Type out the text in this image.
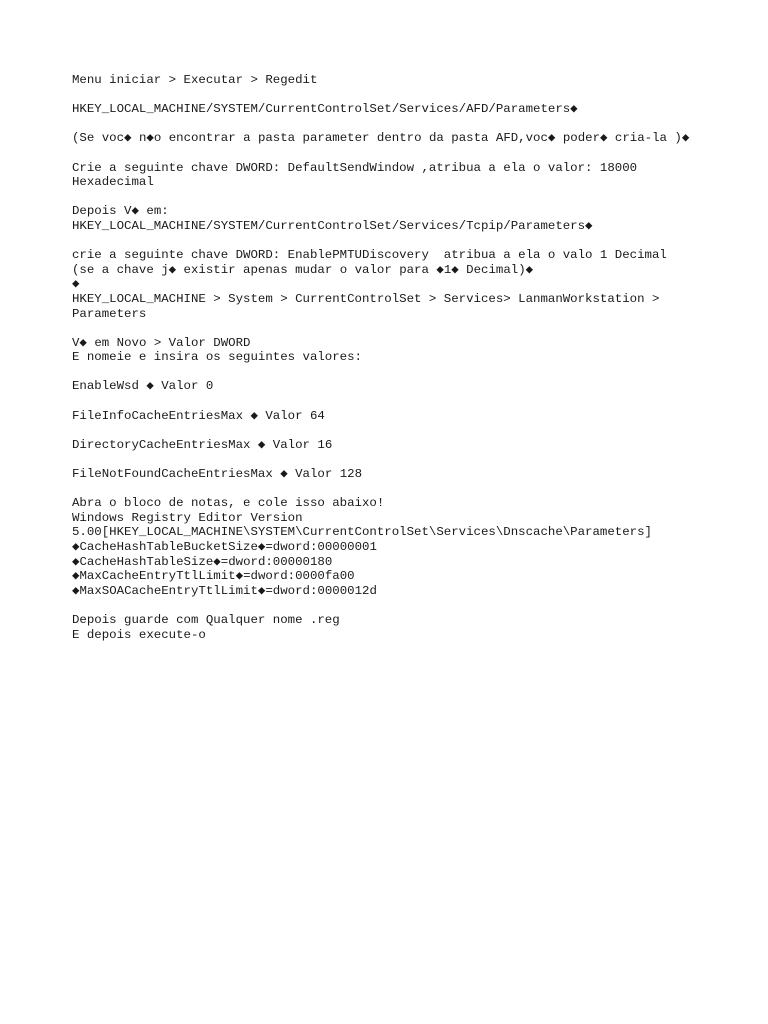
Menu iniciar > Executar > Regedit
HKEY_LOCAL_MACHINE/SYSTEM/CurrentControlSet/Services/AFD/Parameters◆
(Se voc◆ n◆o encontrar a pasta parameter dentro da pasta AFD,voc◆ poder◆ cria-la )◆
Crie a seguinte chave DWORD: DefaultSendWindow ,atribua a ela o valor: 18000
Hexadecimal
Depois V◆ em:
HKEY_LOCAL_MACHINE/SYSTEM/CurrentControlSet/Services/Tcpip/Parameters◆
crie a seguinte chave DWORD: EnablePMTUDiscovery  atribua a ela o valo 1 Decimal
(se a chave j◆ existir apenas mudar o valor para ◆1◆ Decimal)◆
◆
HKEY_LOCAL_MACHINE > System > CurrentControlSet > Services> LanmanWorkstation >
Parameters
V◆ em Novo > Valor DWORD
E nomeie e insira os seguintes valores:
EnableWsd ◆ Valor 0
FileInfoCacheEntriesMax ◆ Valor 64
DirectoryCacheEntriesMax ◆ Valor 16
FileNotFoundCacheEntriesMax ◆ Valor 128
Abra o bloco de notas, e cole isso abaixo!
Windows Registry Editor Version
5.00[HKEY_LOCAL_MACHINE\SYSTEM\CurrentControlSet\Services\Dnscache\Parameters]
◆CacheHashTableBucketSize◆=dword:00000001
◆CacheHashTableSize◆=dword:00000180
◆MaxCacheEntryTtlLimit◆=dword:0000fa00
◆MaxSOACacheEntryTtlLimit◆=dword:0000012d
Depois guarde com Qualquer nome .reg
E depois execute-o
